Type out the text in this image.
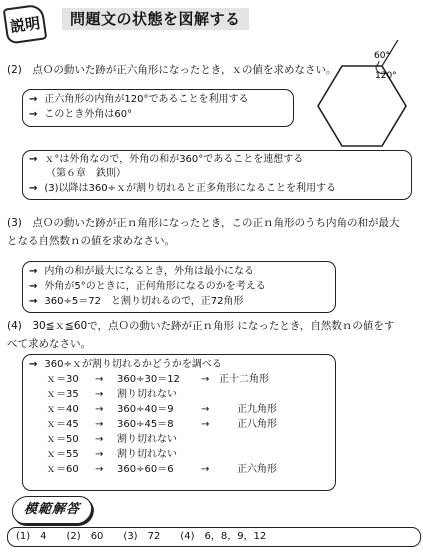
説明	問題文の状態を図解する
(2)　点Ｏの動いた跡が正六角形になったとき，ｘの値を求めなさい。
60°
120°
→ 正六角形の内角が120°であることを利用する
→ このとき外角は60°
→ ｘ°は外角なので，外角の和が360°であることを連想する
（第６章　鉄則）
→ (3)以降は360÷ｘが割り切れると正多角形になることを利用する
(3)　点Ｏの動いた跡が正ｎ角形になったとき，この正ｎ角形のうち内角の和が最大
となる自然数ｎの値を求めなさい。
→ 内角の和が最大になるとき，外角は最小になる
→ 外角が5°のときに，正何角形になるのかを考える
→ 360÷5＝72　と割り切れるので，正72角形
(4)　30≦ｘ≦60で，点Ｏの動いた跡が正ｎ角形 になったとき，自然数ｎの値をす
べて求めなさい。
→ 360÷ｘが割り切れるかどうかを調べる
ｘ＝30 → 360÷30＝12 → 正十二角形
ｘ＝35 → 割り切れない
ｘ＝40 → 360÷40＝9	→	正九角形
ｘ＝45 → 360÷45＝8	→	正八角形
ｘ＝50 → 割り切れない
ｘ＝55 → 割り切れない
ｘ＝60 → 360÷60＝6	→	正六角形
模範解答
(1)　4　　(2)　60　　(3)　72　　(4)　6，8，9，12
